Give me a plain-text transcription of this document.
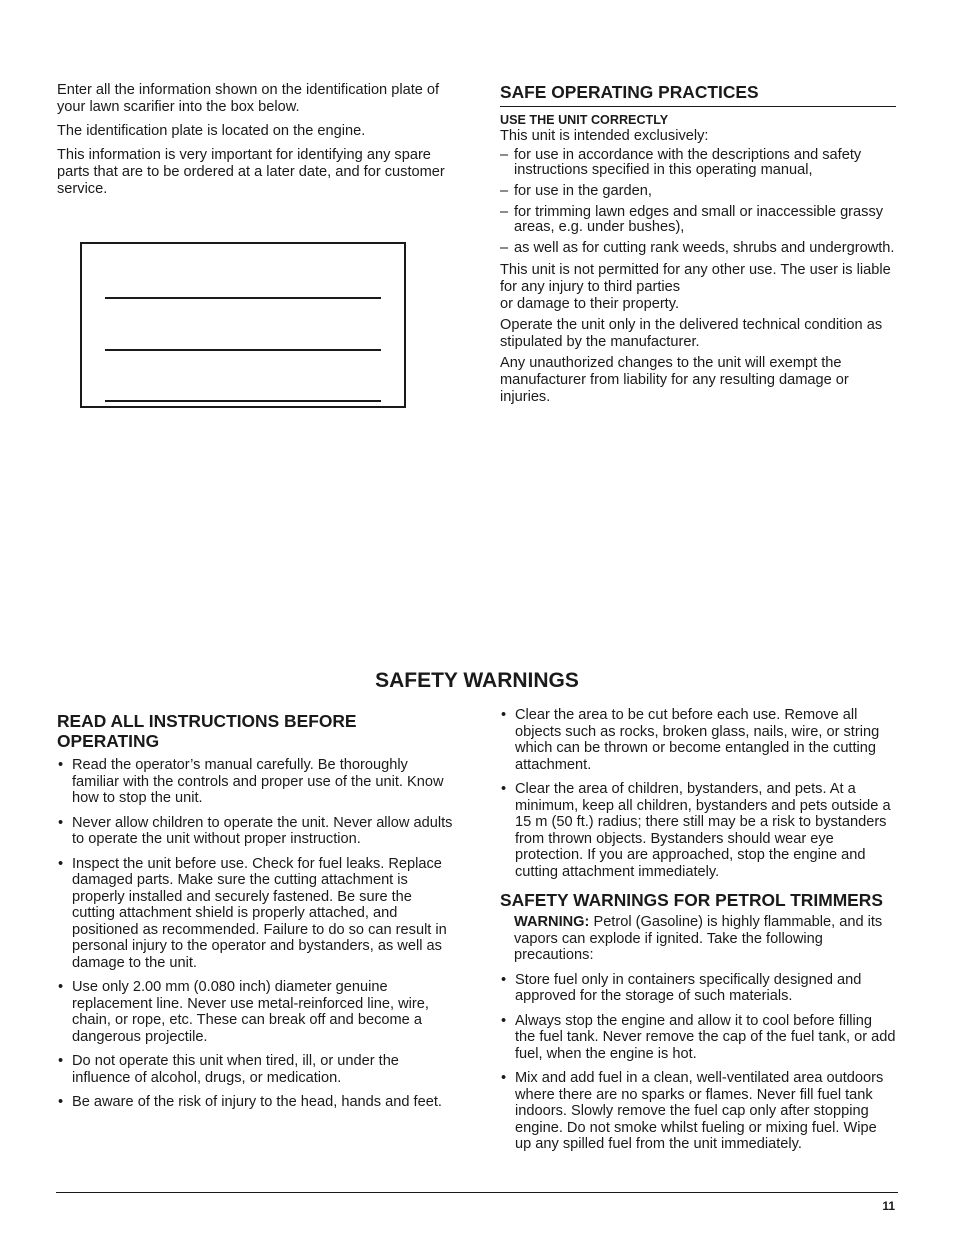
Enter all the information shown on the identification plate of your lawn scarifier into the box below.

The identification plate is located on the engine.

This information is very important for identifying any spare parts that are to be ordered at a later date, and for customer service.

SAFE OPERATING PRACTICES
USE THE UNIT CORRECTLY

This unit is intended exclusively:

– for use in accordance with the descriptions and safety instructions specified in this operating manual,
– for use in the garden,
– for trimming lawn edges and small or inaccessible grassy areas, e.g. under bushes),
– as well as for cutting rank weeds, shrubs and undergrowth.

This unit is not permitted for any other use. The user is liable for any injury to third parties
or damage to their property.

Operate the unit only in the delivered technical condition as stipulated by the manufacturer.

Any unauthorized changes to the unit will exempt the manufacturer from liability for any resulting damage or injuries.

SAFETY WARNINGS
READ ALL INSTRUCTIONS BEFORE OPERATING
• Read the operator’s manual carefully. Be thoroughly familiar with the controls and proper use of the unit. Know how to stop the unit.
• Never allow children to operate the unit. Never allow adults to operate the unit without proper instruction.
• Inspect the unit before use. Check for fuel leaks. Replace damaged parts. Make sure the cutting attachment is properly installed and securely fastened. Be sure the cutting attachment shield is properly attached, and positioned as recommended. Failure to do so can result in personal injury to the operator and bystanders, as well as damage to the unit.
• Use only 2.00 mm (0.080 inch) diameter genuine replacement line. Never use metal-reinforced line, wire, chain, or rope, etc. These can break off and become a dangerous projectile.
• Do not operate this unit when tired, ill, or under the influence of alcohol, drugs, or medication.
• Be aware of the risk of injury to the head, hands and feet.
• Clear the area to be cut before each use. Remove all objects such as rocks, broken glass, nails, wire, or string which can be thrown or become entangled in the cutting attachment.
• Clear the area of children, bystanders, and pets. At a minimum, keep all children, bystanders and pets outside a 15 m (50 ft.) radius; there still may be a risk to bystanders from thrown objects. Bystanders should wear eye protection. If you are approached, stop the engine and cutting attachment immediately.
SAFETY WARNINGS FOR PETROL TRIMMERS

WARNING: Petrol (Gasoline) is highly flammable, and its vapors can explode if ignited. Take the following precautions:

• Store fuel only in containers specifically designed and approved for the storage of such materials.
• Always stop the engine and allow it to cool before filling the fuel tank. Never remove the cap of the fuel tank, or add fuel, when the engine is hot.
• Mix and add fuel in a clean, well-ventilated area outdoors where there are no sparks or flames. Never fill fuel tank indoors. Slowly remove the fuel cap only after stopping engine. Do not smoke whilst fueling or mixing fuel. Wipe up any spilled fuel from the unit immediately.
11
